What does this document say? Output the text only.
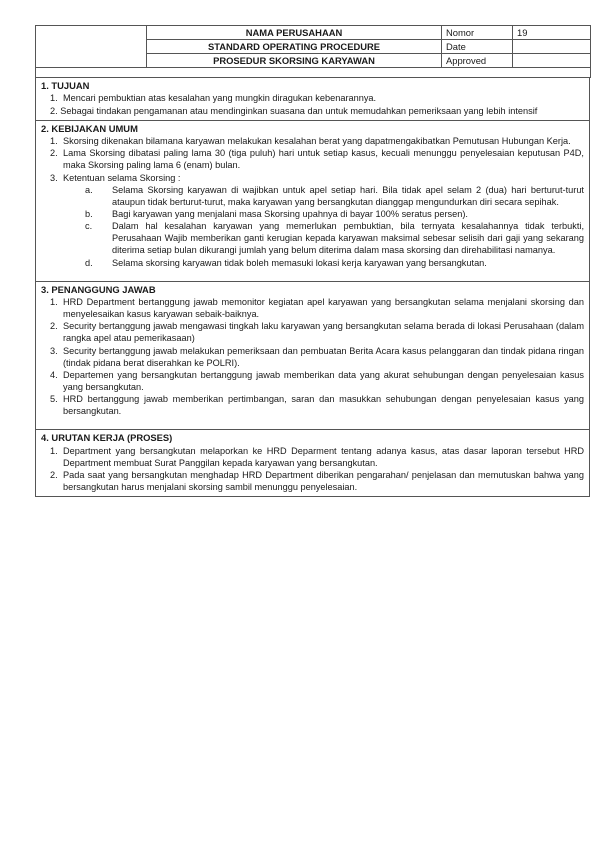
	NAMA PERUSAHAAN	Nomor	19
	STANDARD OPERATING PROCEDURE	Date	
	PROSEDUR SKORSING KARYAWAN	Approved	

1. TUJUAN
1. Mencari pembuktian atas kesalahan yang mungkin diragukan kebenarannya.
2. Sebagai tindakan pengamanan atau mendinginkan suasana dan untuk memudahkan pemeriksaan yang lebih intensif
2. KEBIJAKAN UMUM
1. Skorsing dikenakan bilamana karyawan melakukan kesalahan berat yang dapatmengakibatkan Pemutusan Hubungan Kerja.
2. Lama Skorsing dibatasi paling lama 30 (tiga puluh) hari untuk setiap kasus, kecuali menunggu penyelesaian keputusan P4D, maka Skorsing paling lama 6 (enam) bulan.
3. Ketentuan selama Skorsing :
a.	Selama Skorsing karyawan di wajibkan untuk apel setiap hari. Bila tidak apel selam 2 (dua) hari berturut-turut ataupun tidak berturut-turut, maka karyawan yang bersangkutan dianggap mengundurkan diri secara sepihak.
b.	Bagi karyawan yang menjalani masa Skorsing upahnya di bayar 100% seratus persen).
c.	Dalam hal kesalahan karyawan yang memerlukan pembuktian, bila ternyata kesalahannya tidak terbukti, Perusahaan Wajib memberikan ganti kerugian kepada karyawan maksimal sebesar selisih dari gaji yang sekarang diterima setiap bulan dikurangi jumlah yang belum diterima dalam masa skorsing dan direhabilitasi namanya.
d.	Selama skorsing karyawan tidak boleh memasuki lokasi kerja karyawan yang bersangkutan.
3. PENANGGUNG JAWAB
1. HRD Department bertanggung jawab memonitor kegiatan apel karyawan yang bersangkutan selama menjalani skorsing dan menyelesaikan kasus karyawan sebaik-baiknya.
2. Security bertanggung jawab mengawasi tingkah laku karyawan yang bersangkutan selama berada di lokasi Perusahaan (dalam rangka apel atau pemerikasaan)
3. Security bertanggung jawab melakukan pemeriksaan dan pembuatan Berita Acara kasus pelanggaran dan tindak pidana ringan (tindak pidana berat diserahkan ke POLRI).
4. Departemen yang bersangkutan bertanggung jawab memberikan data yang akurat sehubungan dengan penyelesaian kasus yang bersangkutan.
5. HRD bertanggung jawab memberikan pertimbangan, saran dan masukkan sehubungan dengan penyelesaian kasus yang bersangkutan.
4. URUTAN KERJA (PROSES)
1. Department yang bersangkutan melaporkan ke HRD Deparment tentang adanya kasus, atas dasar laporan tersebut HRD Department membuat Surat Panggilan kepada karyawan yang bersangkutan.
2. Pada saat yang bersangkutan menghadap HRD Department diberikan pengarahan/ penjelasan dan memutuskan bahwa yang bersangkutan harus menjalani skorsing sambil menunggu penyelesaian.
